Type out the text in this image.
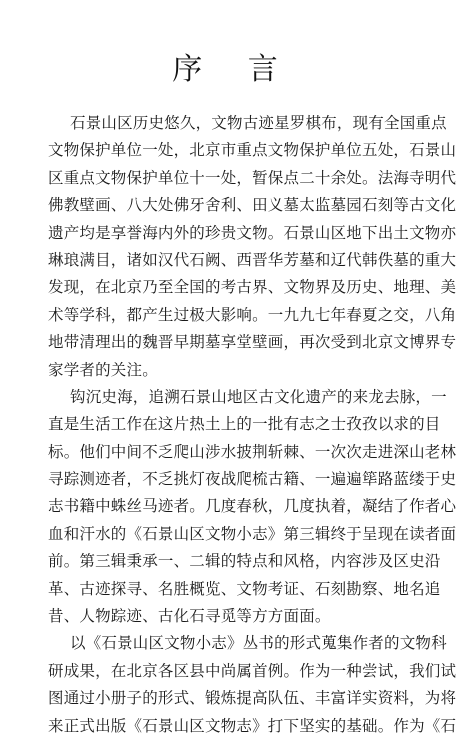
序 言
石景山区历史悠久，文物古迹星罗棋布，现有全国重点
文物保护单位一处，北京市重点文物保护单位五处，石景山
区重点文物保护单位十一处，暂保点二十余处。法海寺明代
佛教壁画、八大处佛牙舍利、田义墓太监墓园石刻等古文化
遗产均是享誉海内外的珍贵文物。石景山区地下出土文物亦
琳琅满目，诸如汉代石阙、西晋华芳墓和辽代韩佚墓的重大
发现，在北京乃至全国的考古界、文物界及历史、地理、美
术等学科，都产生过极大影响。一九九七年春夏之交，八角
地带清理出的魏晋早期墓享堂壁画，再次受到北京文博界专
家学者的关注。
钩沉史海，追溯石景山地区古文化遗产的来龙去脉，一
直是生活工作在这片热土上的一批有志之士孜孜以求的目
标。他们中间不乏爬山涉水披荆斩棘、一次次走进深山老林
寻踪测迹者，不乏挑灯夜战爬梳古籍、一遍遍筚路蓝缕于史
志书籍中蛛丝马迹者。几度春秋，几度执着，凝结了作者心
血和汗水的《石景山区文物小志》第三辑终于呈现在读者面
前。第三辑秉承一、二辑的特点和风格，内容涉及区史沿
革、古迹探寻、名胜概览、文物考证、石刻勘察、地名追
昔、人物踪迹、古化石寻觅等方方面面。
以《石景山区文物小志》丛书的形式蒐集作者的文物科
研成果，在北京各区县中尚属首例。作为一种尝试，我们试
图通过小册子的形式、锻炼提高队伍、丰富详实资料，为将
来正式出版《石景山区文物志》打下坚实的基础。作为《石
